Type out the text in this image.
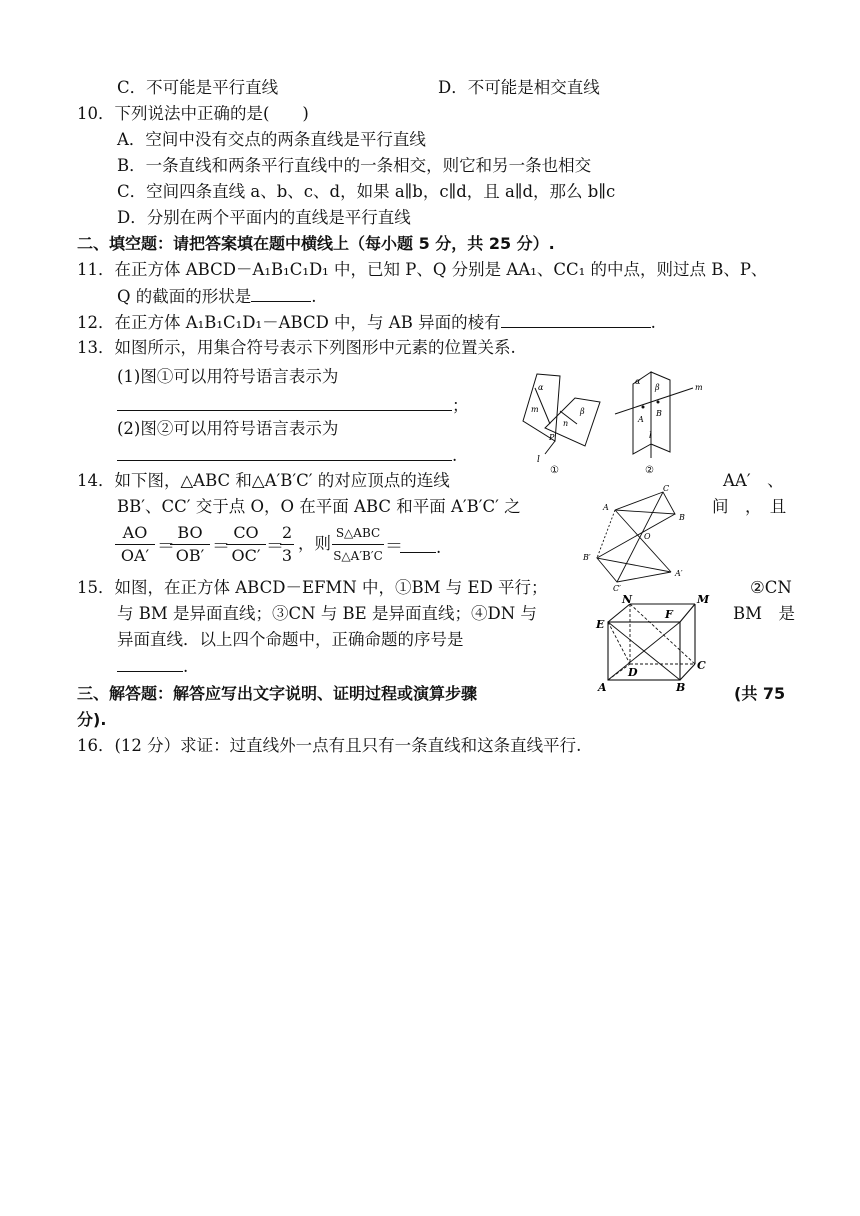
C．不可能是平行直线	D．不可能是相交直线
10．下列说法中正确的是(　　)
A．空间中没有交点的两条直线是平行直线
B．一条直线和两条平行直线中的一条相交，则它和另一条也相交
C．空间四条直线 a、b、c、d，如果 a∥b，c∥d，且 a∥d，那么 b∥c
D．分别在两个平面内的直线是平行直线
二、填空题：请把答案填在题中横线上（每小题 5 分，共 25 分）.
11．在正方体 ABCD－A₁B₁C₁D₁ 中，已知 P、Q 分别是 AA₁、CC₁ 的中点，则过点 B、P、
Q 的截面的形状是	.
12．在正方体 A₁B₁C₁D₁－ABCD 中，与 AB 异面的棱有	.
13．如图所示，用集合符号表示下列图形中元素的位置关系.
(1)图①可以用符号语言表示为
；
(2)图②可以用符号语言表示为
.
α
β
m
n
P
l
①
α
β	m
A
B
l
②
14．如下图，△ABC 和△A′B′C′ 的对应顶点的连线	AA′　、
BB′、CC′ 交于点 O，O 在平面 ABC 和平面 A′B′C′ 之	间　，　且
$\frac{AO}{OA'}$ ＝
$\frac{BO}{OB'}$ ＝
$\frac{CO}{OC'}$ ＝
$\frac{2}{3}$ ，则
S△ABC
S△A′B′C ＝	.
A
B
C
O
A′
B′
C′
15．如图，在正方体 ABCD－EFMN 中，①BM 与 ED 平行；	②CN
与 BM 是异面直线；③CN 与 BE 是异面直线；④DN 与	BM　是
异面直线．以上四个命题中，正确命题的序号是
.
N	M
E
F
D
C
A	B
三、解答题：解答应写出文字说明、证明过程或演算步骤	(共 75
分).
16．(12 分）求证：过直线外一点有且只有一条直线和这条直线平行.
